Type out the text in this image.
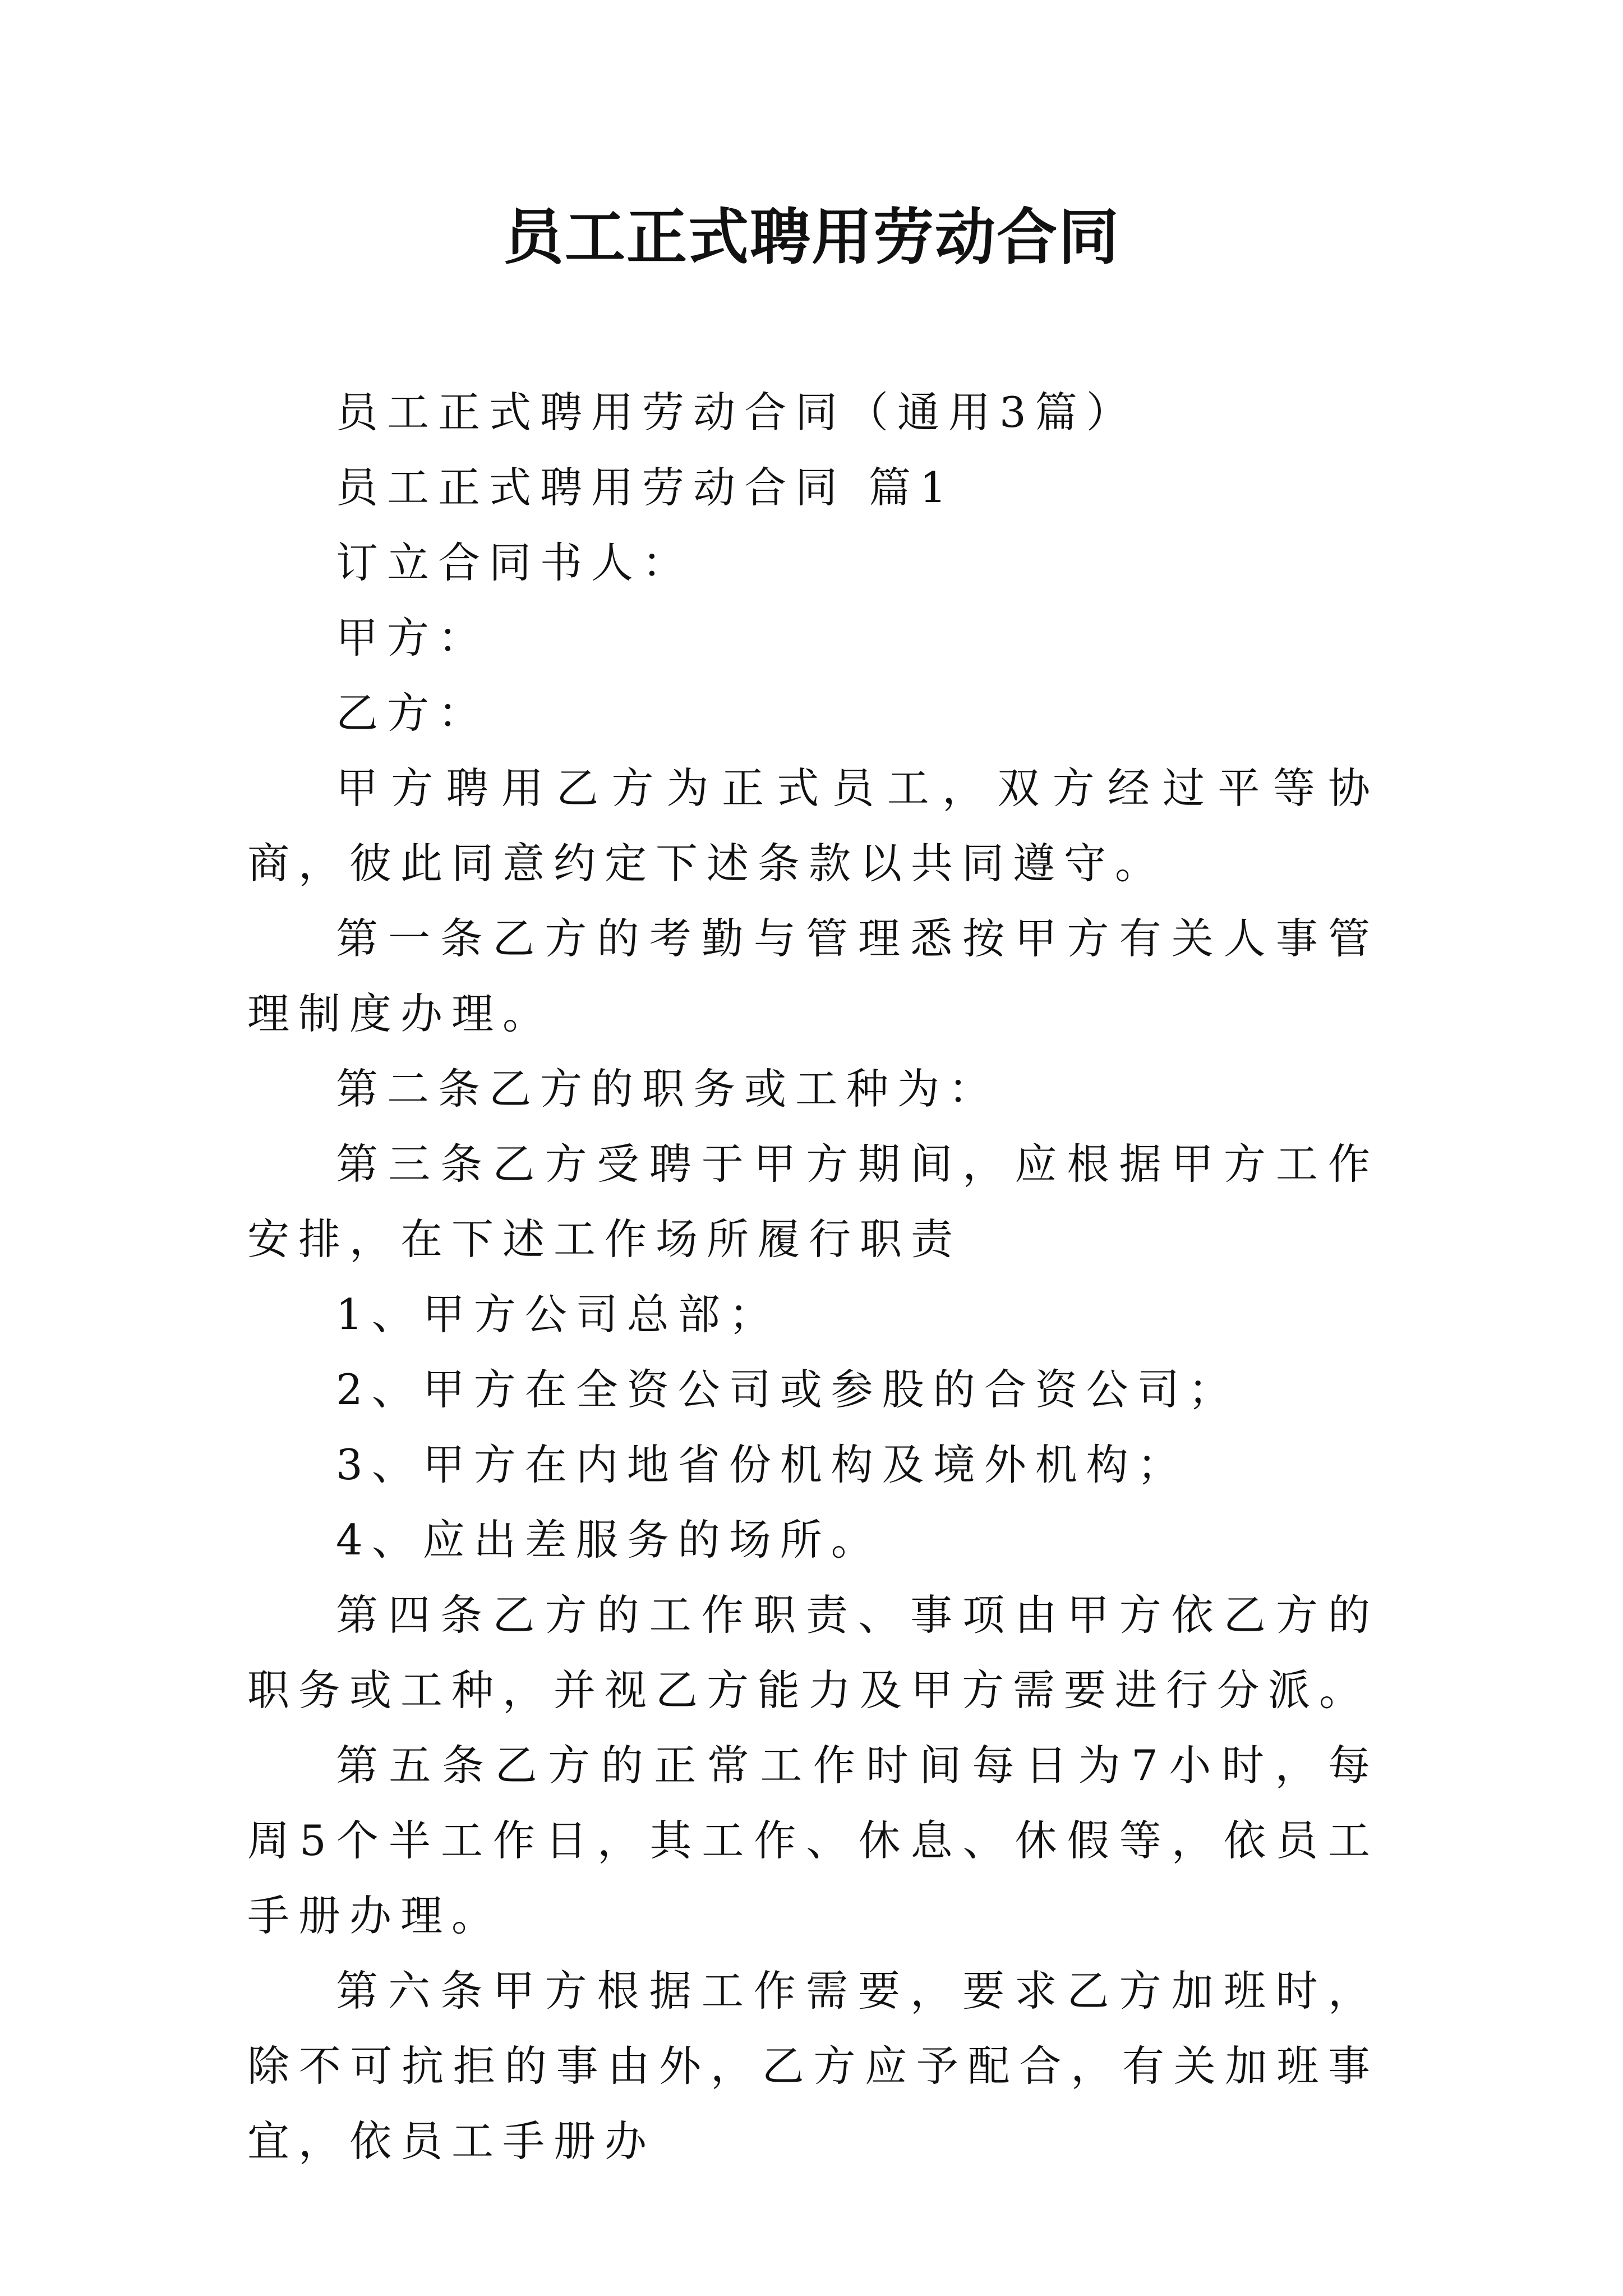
员工正式聘用劳动合同

员工正式聘用劳动合同（通用3篇）

员工正式聘用劳动合同 篇1

订立合同书人：

甲方：

乙方：

甲方聘用乙方为正式员工，双方经过平等协商，彼此同意约定下述条款以共同遵守。

第一条乙方的考勤与管理悉按甲方有关人事管理制度办理。

第二条乙方的职务或工种为：

第三条乙方受聘于甲方期间，应根据甲方工作安排，在下述工作场所履行职责

1、甲方公司总部；

2、甲方在全资公司或参股的合资公司；

3、甲方在内地省份机构及境外机构；

4、应出差服务的场所。

第四条乙方的工作职责、事项由甲方依乙方的职务或工种，并视乙方能力及甲方需要进行分派。

第五条乙方的正常工作时间每日为7小时，每周5个半工作日，其工作、休息、休假等，依员工手册办理。

第六条甲方根据工作需要，要求乙方加班时，除不可抗拒的事由外，乙方应予配合，有关加班事宜，依员工手册办
